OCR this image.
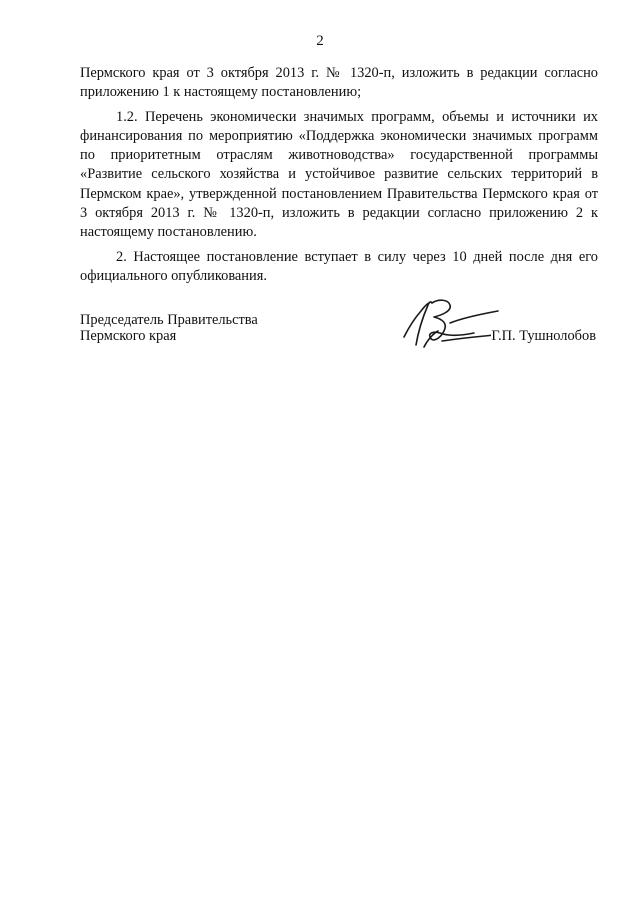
2

Пермского края от 3 октября 2013 г. № 1320-п, изложить в редакции согласно приложению 1 к настоящему постановлению;

1.2. Перечень экономически значимых программ, объемы и источники их финансирования по мероприятию «Поддержка экономически значимых программ по приоритетным отраслям животноводства» государственной программы «Развитие сельского хозяйства и устойчивое развитие сельских территорий в Пермском крае», утвержденной постановлением Правительства Пермского края от 3 октября 2013 г. № 1320-п, изложить в редакции согласно приложению 2 к настоящему постановлению.

2. Настоящее постановление вступает в силу через 10 дней после дня его официального опубликования.

Председатель Правительства
Пермского края	Г.П. Тушнолобов
